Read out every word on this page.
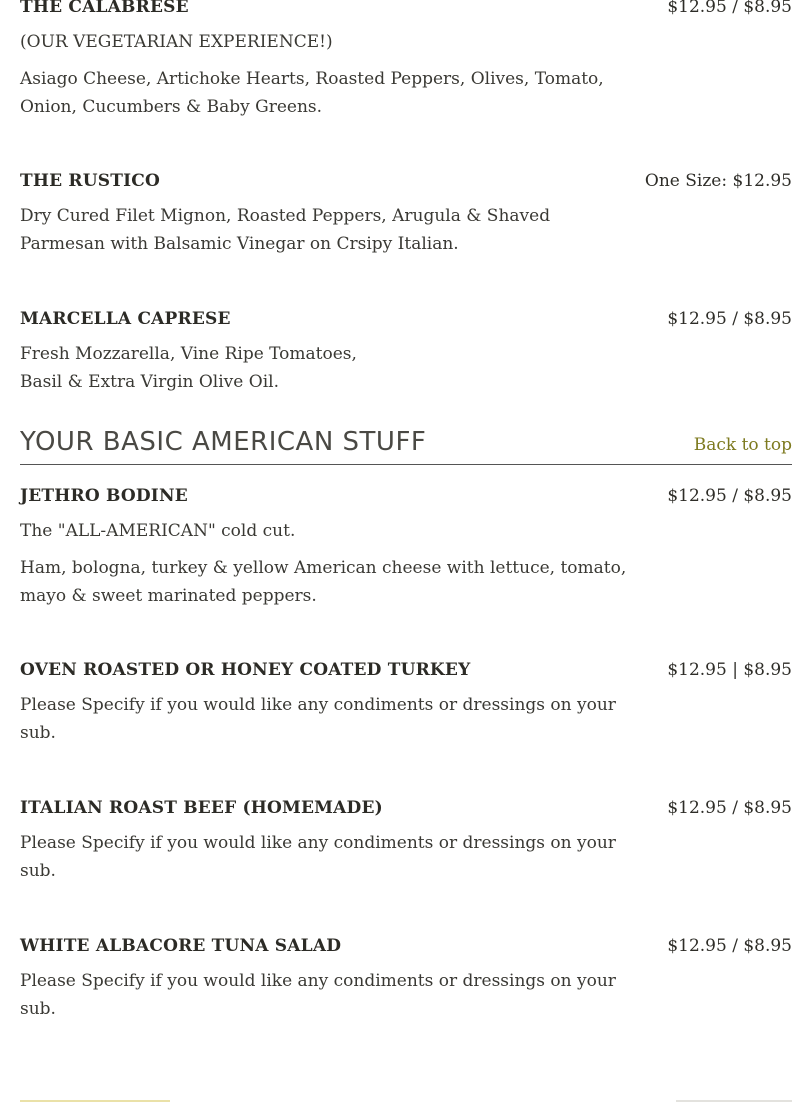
THE CALABRESE	$12.95 / $8.95
(OUR VEGETARIAN EXPERIENCE!)
Asiago Cheese, Artichoke Hearts, Roasted Peppers, Olives, Tomato, Onion, Cucumbers & Baby Greens.
THE RUSTICO	One Size: $12.95
Dry Cured Filet Mignon, Roasted Peppers, Arugula & Shaved Parmesan with Balsamic Vinegar on Crsipy Italian.
MARCELLA CAPRESE	$12.95 / $8.95
Fresh Mozzarella, Vine Ripe Tomatoes,
Basil & Extra Virgin Olive Oil.
YOUR BASIC AMERICAN STUFF	Back to top
JETHRO BODINE	$12.95 / $8.95
The "ALL-AMERICAN" cold cut.
Ham, bologna, turkey & yellow American cheese with lettuce, tomato, mayo & sweet marinated peppers.
OVEN ROASTED OR HONEY COATED TURKEY	$12.95 | $8.95
Please Specify if you would like any condiments or dressings on your sub.
ITALIAN ROAST BEEF (HOMEMADE)	$12.95 / $8.95
Please Specify if you would like any condiments or dressings on your sub.
WHITE ALBACORE TUNA SALAD	$12.95 / $8.95
Please Specify if you would like any condiments or dressings on your sub.
